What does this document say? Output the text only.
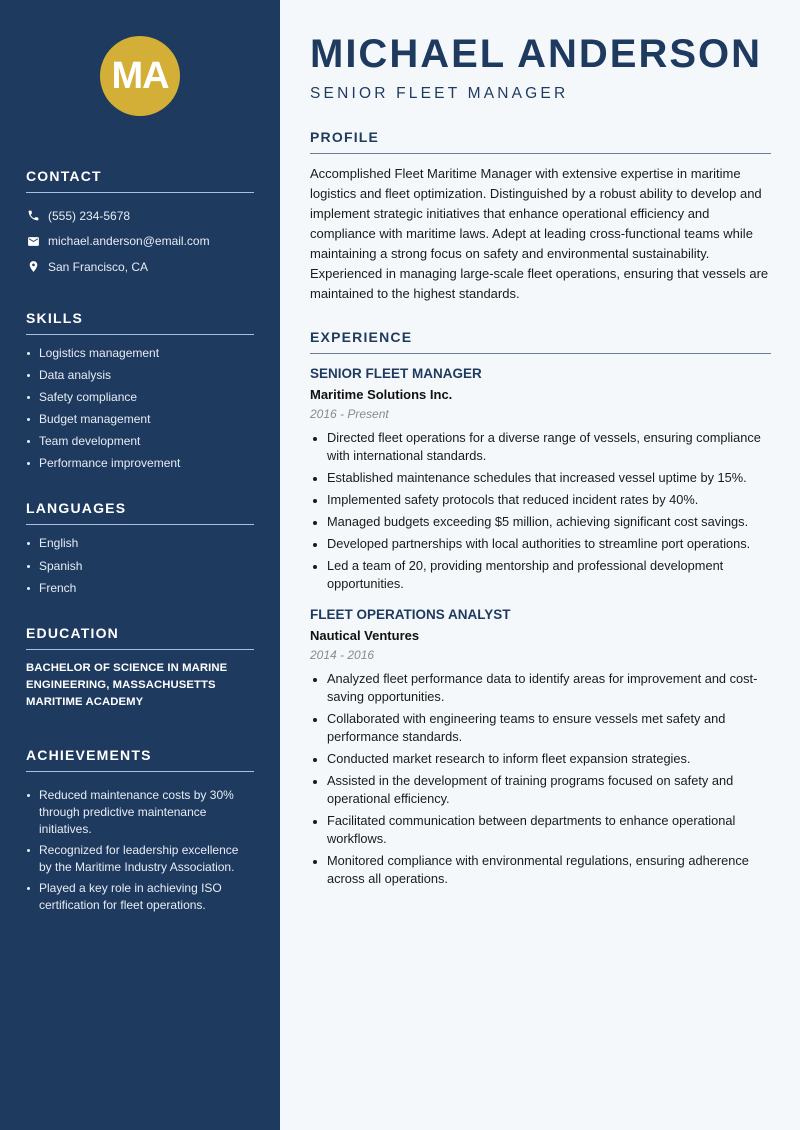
MA
CONTACT
(555) 234-5678
michael.anderson@email.com
San Francisco, CA
SKILLS
Logistics management
Data analysis
Safety compliance
Budget management
Team development
Performance improvement
LANGUAGES
English
Spanish
French
EDUCATION

BACHELOR OF SCIENCE IN MARINE ENGINEERING, MASSACHUSETTS MARITIME ACADEMY

ACHIEVEMENTS
Reduced maintenance costs by 30% through predictive maintenance initiatives.
Recognized for leadership excellence by the Maritime Industry Association.
Played a key role in achieving ISO certification for fleet operations.
MICHAEL ANDERSON
SENIOR FLEET MANAGER
PROFILE

Accomplished Fleet Maritime Manager with extensive expertise in maritime logistics and fleet optimization. Distinguished by a robust ability to develop and implement strategic initiatives that enhance operational efficiency and compliance with maritime laws. Adept at leading cross-functional teams while maintaining a strong focus on safety and environmental sustainability. Experienced in managing large-scale fleet operations, ensuring that vessels are maintained to the highest standards.

EXPERIENCE
SENIOR FLEET MANAGER
Maritime Solutions Inc.
2016 - Present
Directed fleet operations for a diverse range of vessels, ensuring compliance with international standards.
Established maintenance schedules that increased vessel uptime by 15%.
Implemented safety protocols that reduced incident rates by 40%.
Managed budgets exceeding $5 million, achieving significant cost savings.
Developed partnerships with local authorities to streamline port operations.
Led a team of 20, providing mentorship and professional development opportunities.
FLEET OPERATIONS ANALYST
Nautical Ventures
2014 - 2016
Analyzed fleet performance data to identify areas for improvement and cost-saving opportunities.
Collaborated with engineering teams to ensure vessels met safety and performance standards.
Conducted market research to inform fleet expansion strategies.
Assisted in the development of training programs focused on safety and operational efficiency.
Facilitated communication between departments to enhance operational workflows.
Monitored compliance with environmental regulations, ensuring adherence across all operations.
